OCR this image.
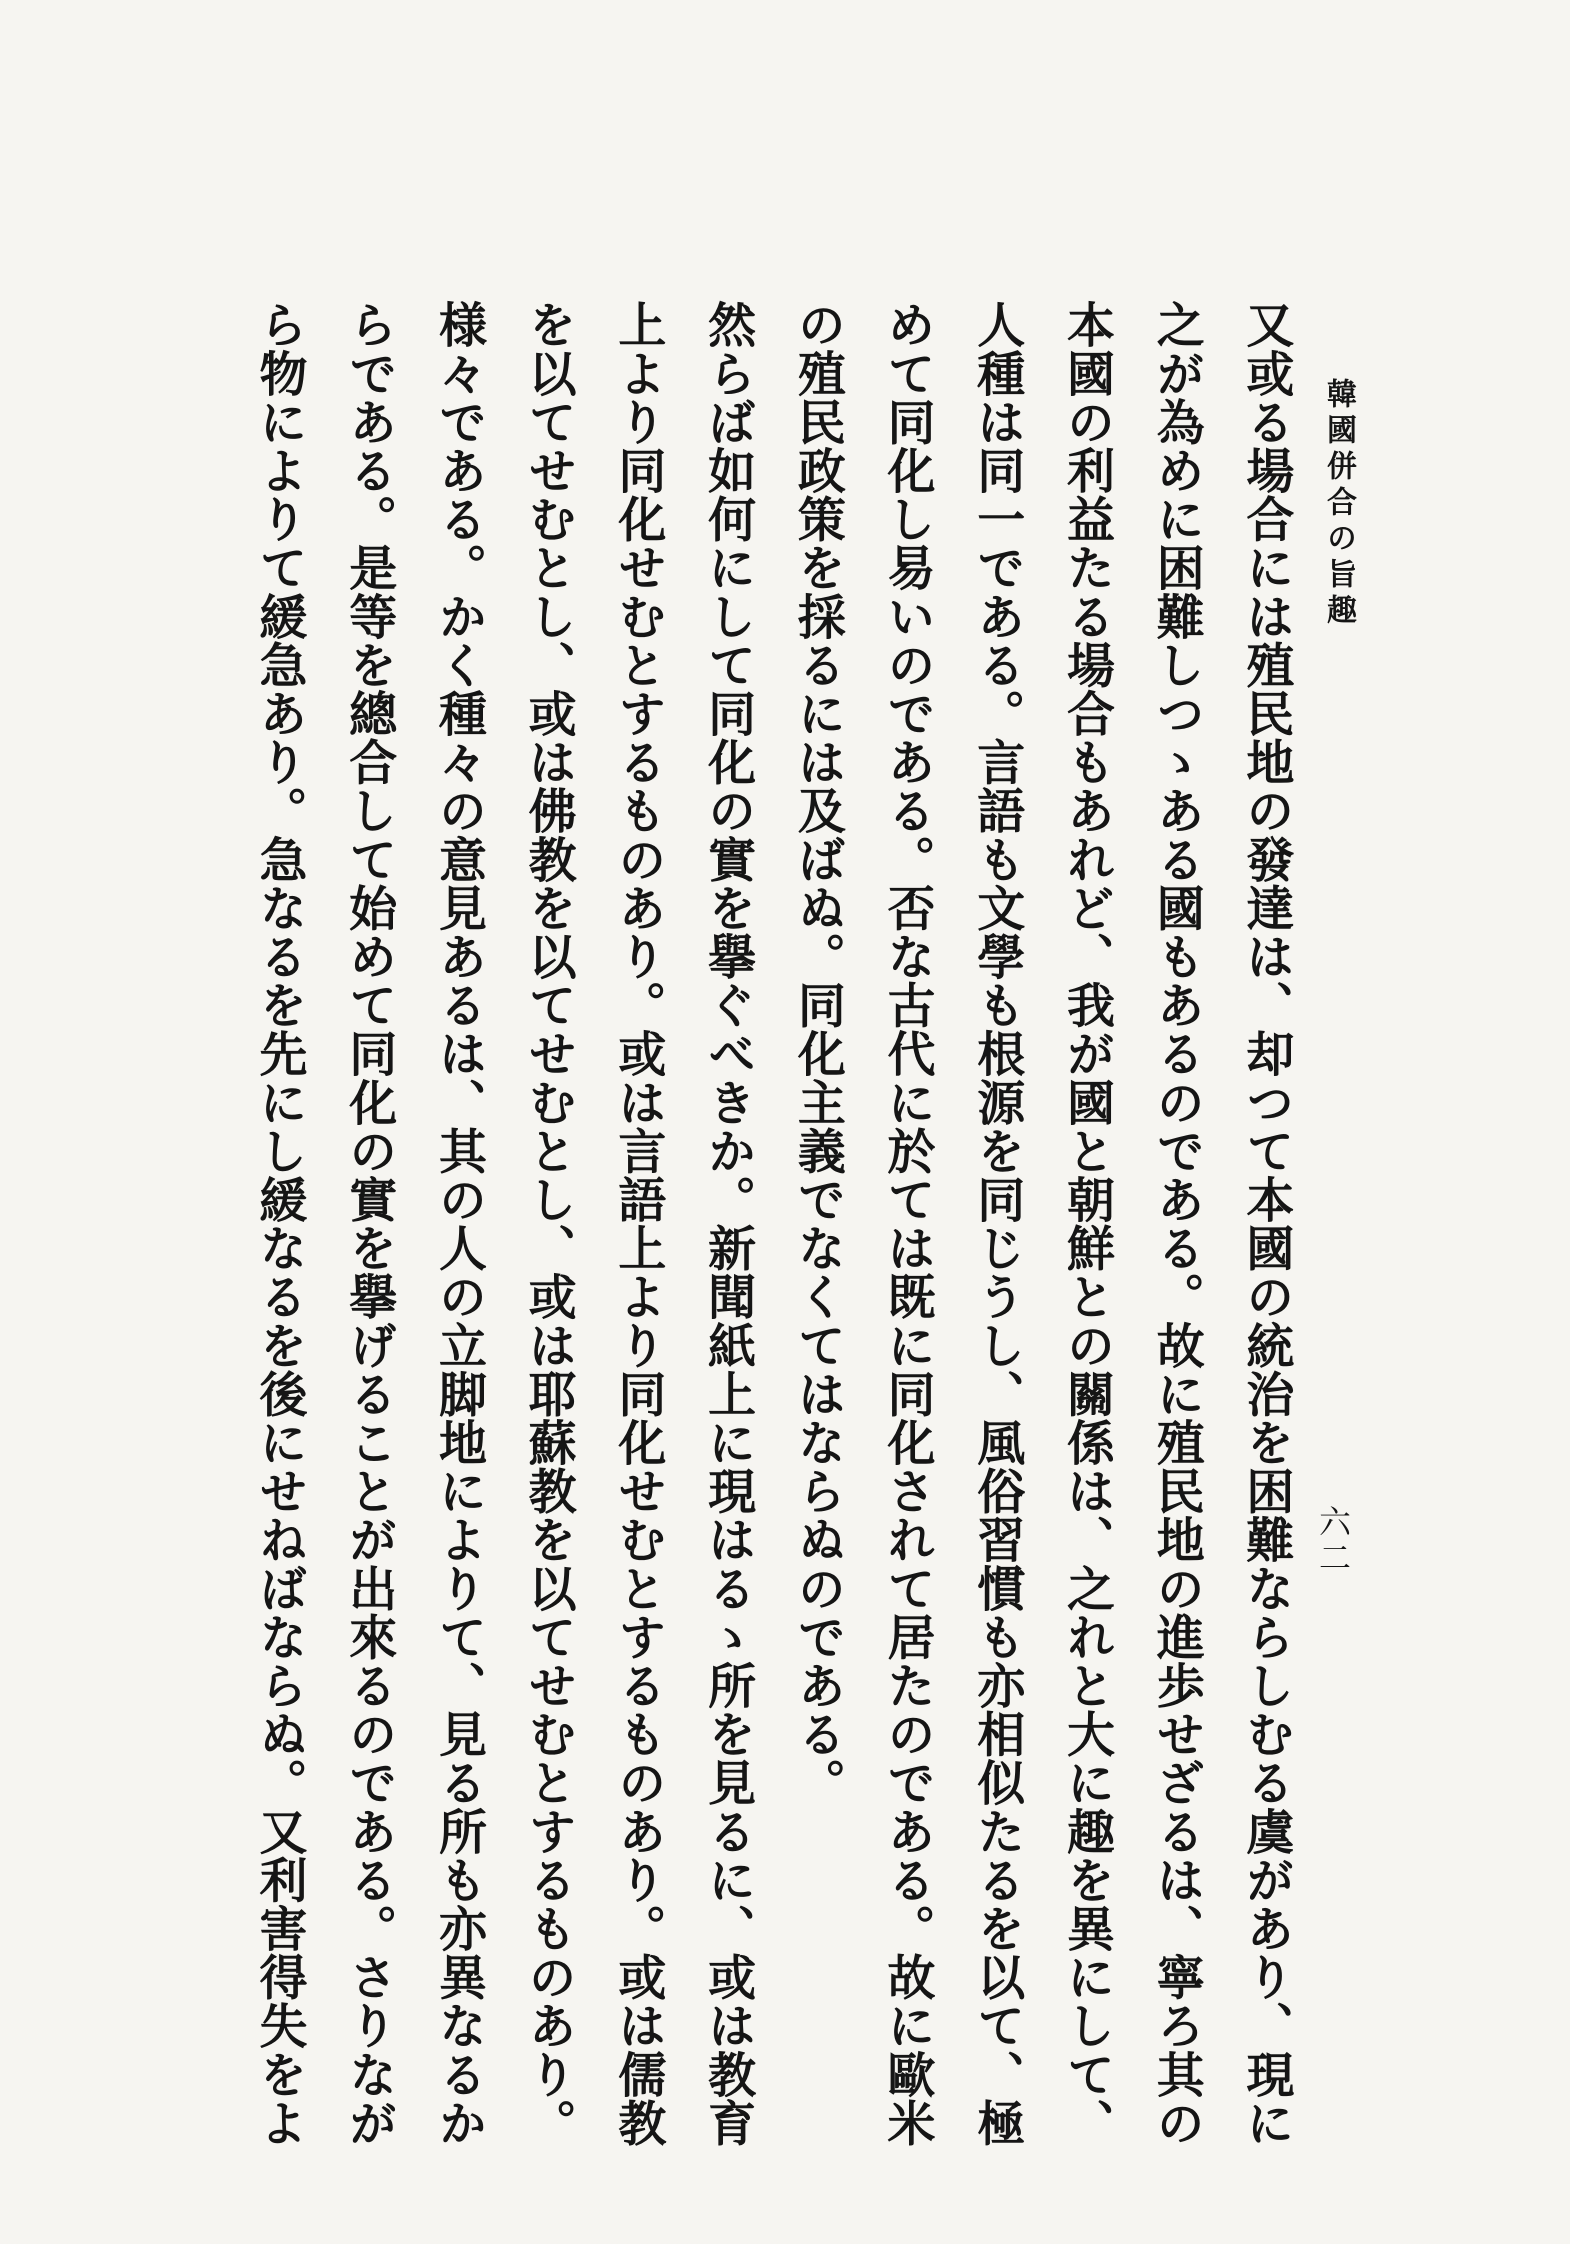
韓國併合の旨趣
六二
又或る場合には殖民地の發達は、却つて本國の統治を困難ならしむる虞があり、現に
之が為めに困難しつゝある國もあるのである。故に殖民地の進歩せざるは、寧ろ其の
本國の利益たる場合もあれど、我が國と朝鮮との關係は、之れと大に趣を異にして、
人種は同一である。言語も文學も根源を同じうし、風俗習慣も亦相似たるを以て、極
めて同化し易いのである。否な古代に於ては既に同化されて居たのである。故に歐米
の殖民政策を採るには及ばぬ。同化主義でなくてはならぬのである。
然らば如何にして同化の實を擧ぐべきか。新聞紙上に現はるゝ所を見るに、或は教育
上より同化せむとするものあり。或は言語上より同化せむとするものあり。或は儒教
を以てせむとし、或は佛教を以てせむとし、或は耶蘇教を以てせむとするものあり。
様々である。かく種々の意見あるは、其の人の立脚地によりて、見る所も亦異なるか
らである。是等を總合して始めて同化の實を擧げることが出來るのである。さりなが
ら物によりて緩急あり。急なるを先にし緩なるを後にせねばならぬ。又利害得失をよ
